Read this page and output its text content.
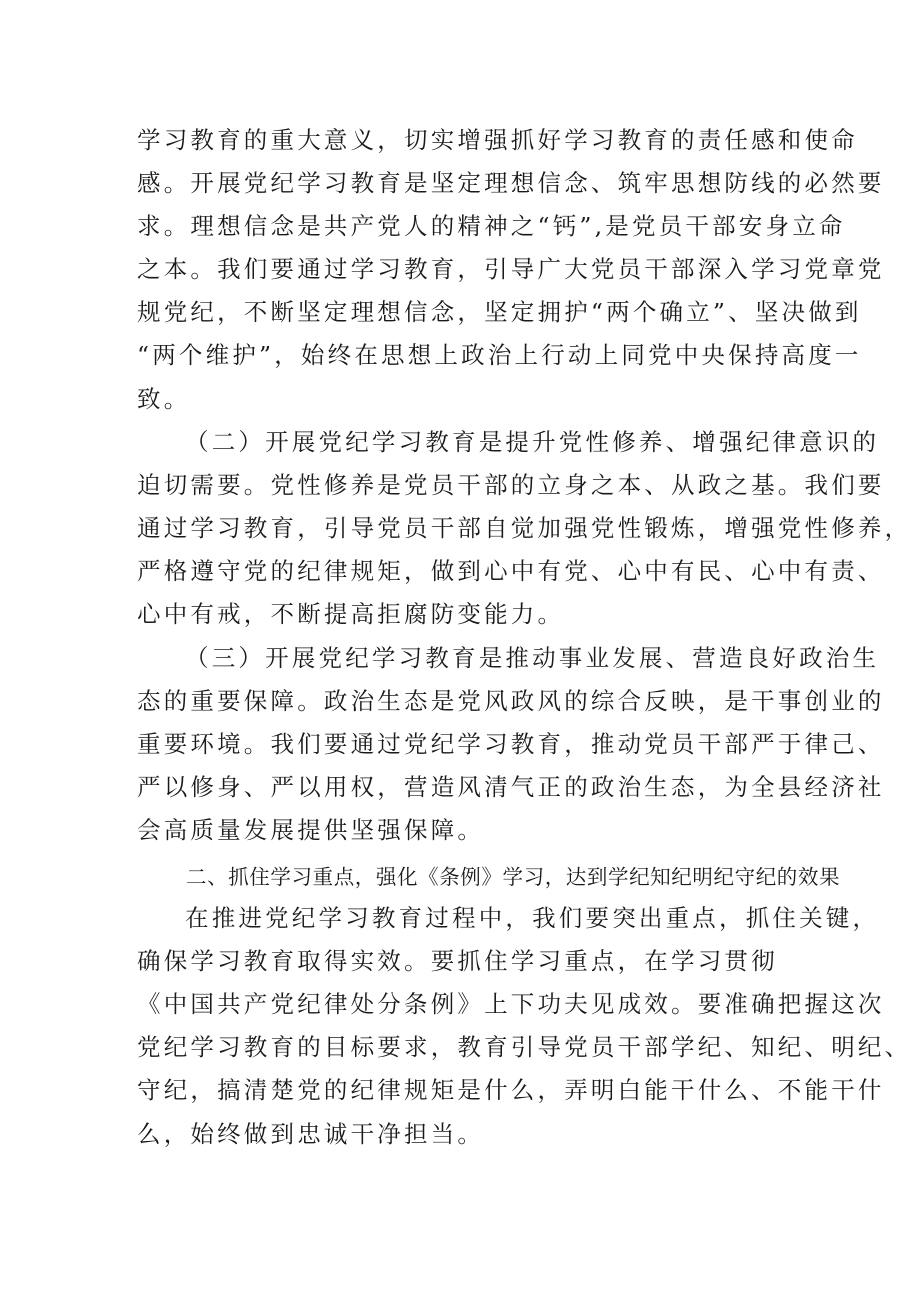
学习教育的重大意义，切实增强抓好学习教育的责任感和使命
感。开展党纪学习教育是坚定理想信念、筑牢思想防线的必然要
求。理想信念是共产党人的精神之“钙”,是党员干部安身立命
之本。我们要通过学习教育，引导广大党员干部深入学习党章党
规党纪，不断坚定理想信念，坚定拥护“两个确立”、坚决做到
“两个维护”，始终在思想上政治上行动上同党中央保持高度一
致。
（二）开展党纪学习教育是提升党性修养、增强纪律意识的
迫切需要。党性修养是党员干部的立身之本、从政之基。我们要
通过学习教育，引导党员干部自觉加强党性锻炼，增强党性修养，
严格遵守党的纪律规矩，做到心中有党、心中有民、心中有责、
心中有戒，不断提高拒腐防变能力。
（三）开展党纪学习教育是推动事业发展、营造良好政治生
态的重要保障。政治生态是党风政风的综合反映，是干事创业的
重要环境。我们要通过党纪学习教育，推动党员干部严于律己、
严以修身、严以用权，营造风清气正的政治生态，为全县经济社
会高质量发展提供坚强保障。
二、抓住学习重点，强化《条例》学习，达到学纪知纪明纪守纪的效果
在推进党纪学习教育过程中，我们要突出重点，抓住关键，
确保学习教育取得实效。要抓住学习重点，在学习贯彻
《中国共产党纪律处分条例》上下功夫见成效。要准确把握这次
党纪学习教育的目标要求，教育引导党员干部学纪、知纪、明纪、
守纪，搞清楚党的纪律规矩是什么，弄明白能干什么、不能干什
么，始终做到忠诚干净担当。
